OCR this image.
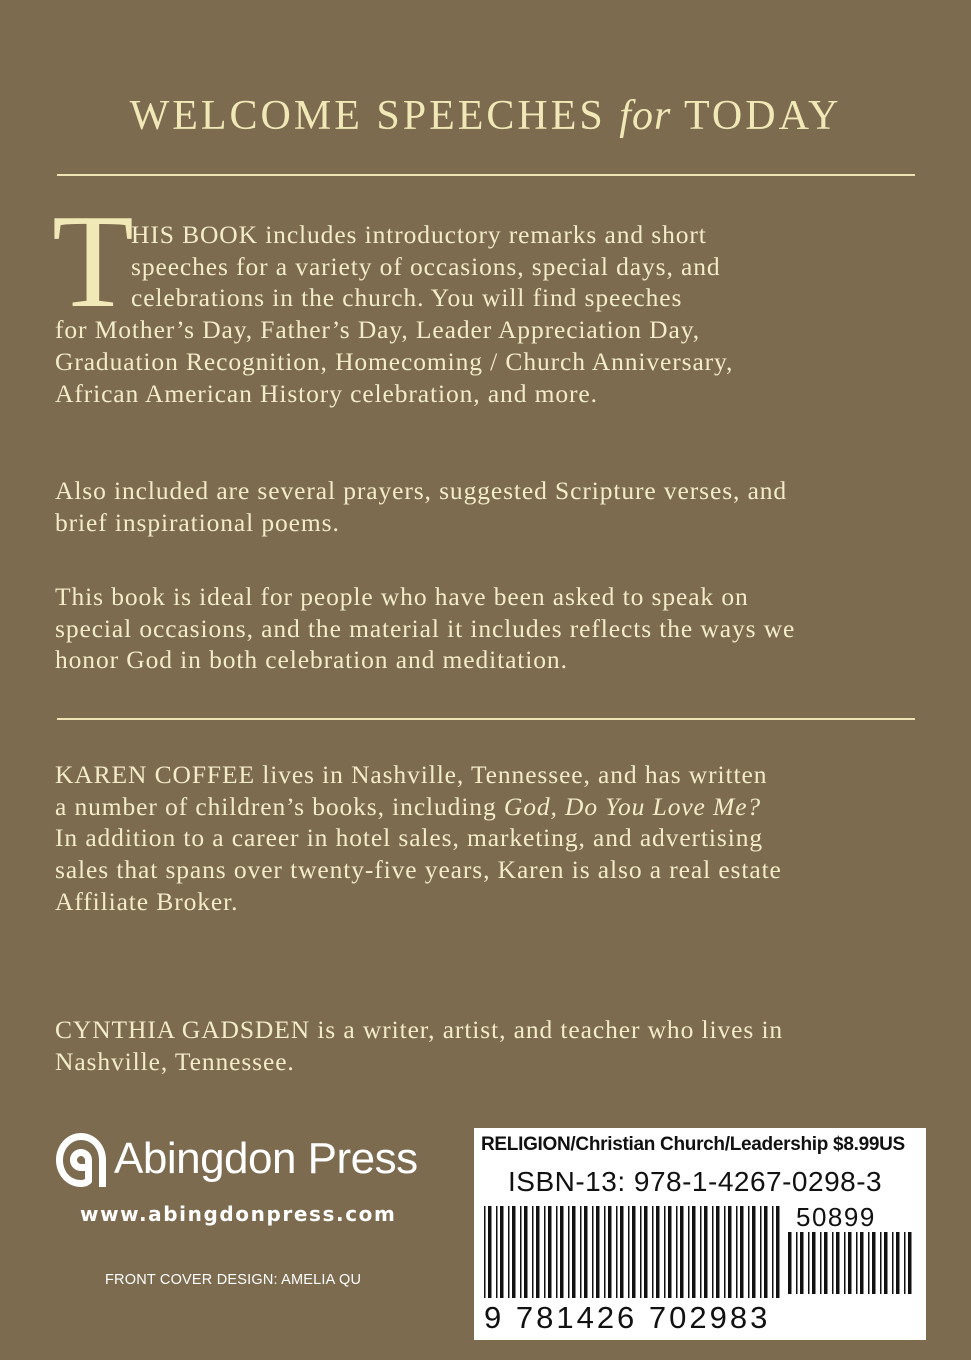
WELCOME SPEECHES for TODAY
T
HIS BOOK includes introductory remarks and short
speeches for a variety of occasions, special days, and
celebrations in the church. You will find speeches
for Mother’s Day, Father’s Day, Leader Appreciation Day,
Graduation Recognition, Homecoming / Church Anniversary,
African American History celebration, and more.
Also included are several prayers, suggested Scripture verses, and
brief inspirational poems.
This book is ideal for people who have been asked to speak on
special occasions, and the material it includes reflects the ways we
honor God in both celebration and meditation.
KAREN COFFEE lives in Nashville, Tennessee, and has written
a number of children’s books, including God, Do You Love Me?
In addition to a career in hotel sales, marketing, and advertising
sales that spans over twenty-five years, Karen is also a real estate
Affiliate Broker.
CYNTHIA GADSDEN is a writer, artist, and teacher who lives in
Nashville, Tennessee.
Abingdon Press
www.abingdonpress.com
FRONT COVER DESIGN: AMELIA QU
RELIGION/Christian Church/Leadership $8.99US
ISBN-13: 978-1-4267-0298-3
50899
9 781426 702983
